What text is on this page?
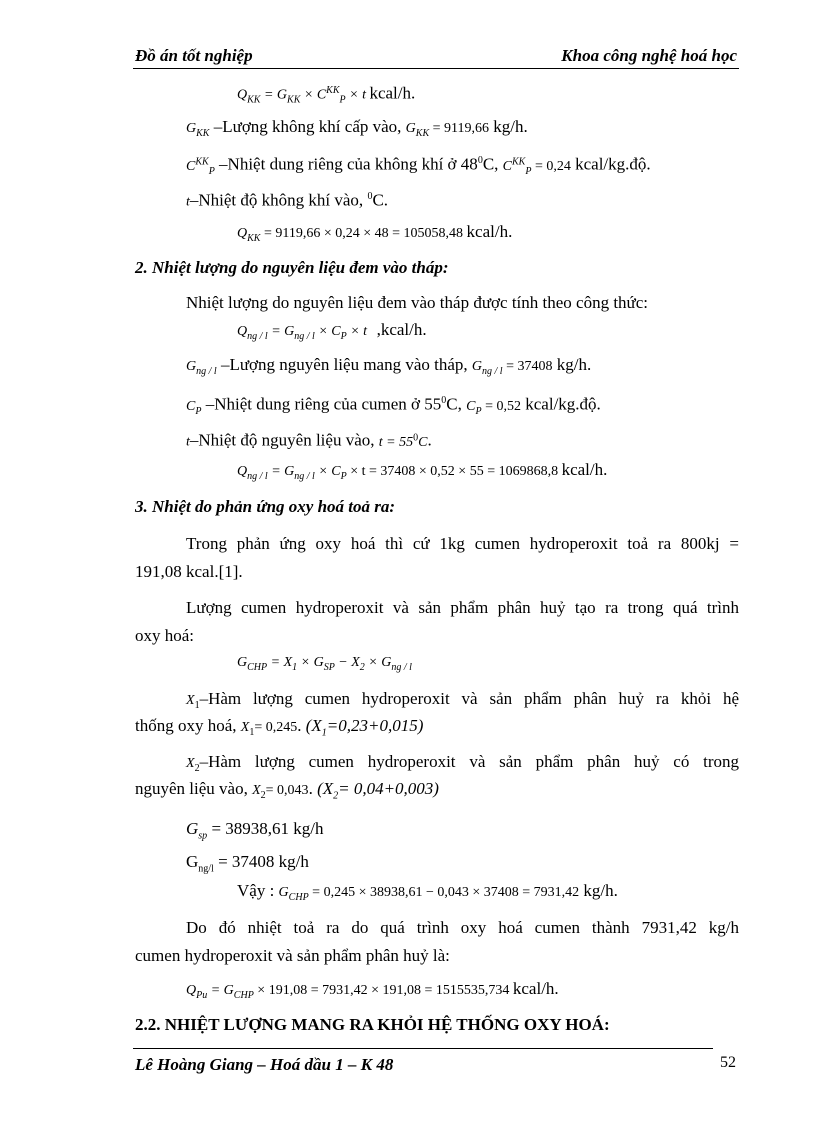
Đồ án tốt nghiệp	Khoa công nghệ hoá học
$Q_{KK} = G_{KK} \times C^{KK}_P \times t$ kcal/h.
$G_{KK}$ –Lượng không khí cấp vào, $G_{KK} = 9119,66$ kg/h.
$C^{KK}_P$ –Nhiệt dung riêng của không khí ở $48^0C$, $C^{KK}_P = 0,24$ kcal/kg.độ.
t–Nhiệt độ không khí vào, $^0$C.
$Q_{KK} = 9119,66 \times 0,24 \times 48 = 105058,48$ kcal/h.
2. Nhiệt lượng do nguyên liệu đem vào tháp:
Nhiệt lượng do nguyên liệu đem vào tháp được tính theo công thức:
$Q_{ng / l} = G_{ng / l} \times C_P \times t$ ,kcal/h.
$G_{ng / l}$ –Lượng nguyên liệu mang vào tháp, $G_{ng / l} = 37408$ kg/h.
$C_P$ –Nhiệt dung riêng của cumen ở $55^0C$, $C_P = 0,52$ kcal/kg.độ.
t–Nhiệt độ nguyên liệu vào, $t = 55^0C$.
$Q_{ng / l} = G_{ng / l} \times C_P \times t = 37408 \times 0,52 \times 55 = 1069868,8$ kcal/h.
3. Nhiệt do phản ứng oxy hoá toả ra:
Trong phản ứng oxy hoá thì cứ 1kg cumen hydroperoxit toả ra 800kj =
191,08 kcal.[1].
Lượng cumen hydroperoxit và sản phẩm phân huỷ tạo ra trong quá trình
oxy hoá:
$G_{CHP} = X_1 \times G_{SP} - X_2 \times G_{ng / l}$
$X_1$–Hàm lượng cumen hydroperoxit và sản phẩm phân huỷ ra khỏi hệ
thống oxy hoá, $X_1= 0,245$. $(X_1=0,23+0,015)$
$X_2$–Hàm lượng cumen hydroperoxit và sản phẩm phân huỷ có trong
nguyên liệu vào, $X_2= 0,043$. $(X_2= 0,04+0,003)$
$G_{sp} = 38938,61$ kg/h
$G_{ng/l} = 37408$ kg/h
Vậy : $G_{CHP} = 0,245 \times 38938,61 - 0,043 \times 37408 = 7931,42$ kg/h.
Do đó nhiệt toả ra do quá trình oxy hoá cumen thành 7931,42 kg/h
cumen hydroperoxit và sản phẩm phân huỷ là:
$Q_{Pu} = G_{CHP} \times 191,08 = 7931,42 \times 191,08 = 1515535,734$ kcal/h.
2.2. NHIỆT LƯỢNG MANG RA KHỎI HỆ THỐNG OXY HOÁ:
Lê Hoàng Giang – Hoá dầu 1 – K 48	52
